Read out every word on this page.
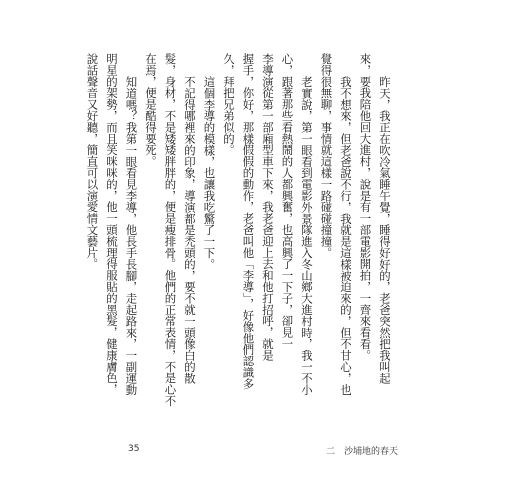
昨天，我正在吹冷氣睡午覺，睡得好好的，老爸突然把我叫起

來，要我陪他回大進村，說是有一部電影開拍，一齊來看看。

我不想來，但老爸說不行，我就是這樣被迫來的，但不甘心，也

覺得很無聊，事情就這樣一路碰碰撞撞。

老實說，第一眼看到電影外景隊進入冬山鄉大進村時，我一不小

心，跟著那些看熱鬧的人都興奮，也高興了一下子，卻見一

李導演從第一部廂型車下來，我老爸迎上去和他打招呼，就是

握手，你好，那樣假假的動作，老爸叫他「李導」，好像他們認識多

久，拜把兄弟似的。

這個李導的模樣，也讓我吃驚了一下。

不記得哪裡來的印象，導演都是禿頭的，要不就一頭像白的散

髮，身材，不是矮矮胖胖的，便是瘦排骨。他們的正常表情，不是心不

在焉，便是酷得要死。

知道嗎？我第一眼看見李導，他長手長腳，走起路來，一副運動

明星的架勢，而且笑咪咪的，他一頭梳理得服貼的黑髮，健康膚色，

說話聲音又好聽，簡直可以演愛情文藝片。

35	二　沙埔地的春天
